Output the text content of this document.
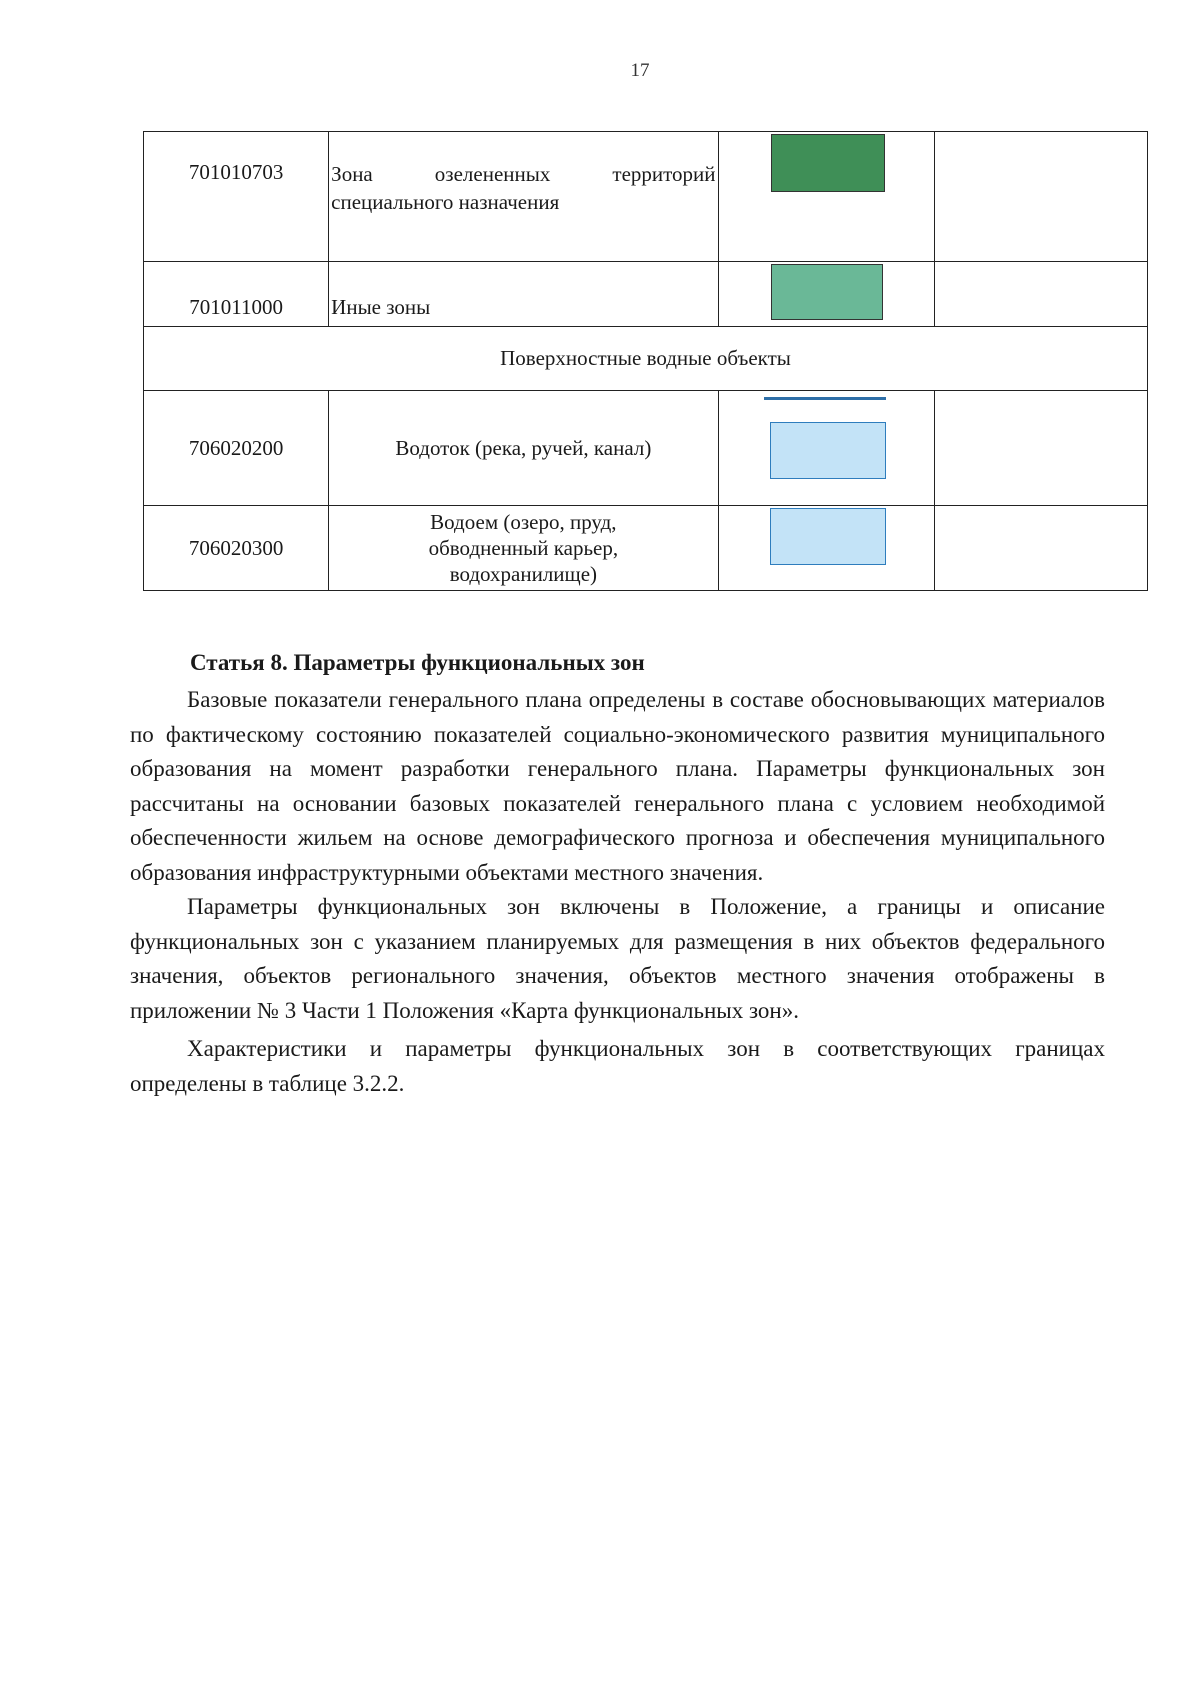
17
701010703	Зона озелененных территорий специального назначения		

701011000	Иные зоны		

Поверхностные водные объекты			
706020200	Водоток (река, ручей, канал)		

706020300	Водоем (озеро, пруд, обводненный карьер, водохранилище)		

Статья 8. Параметры функциональных зон

Базовые показатели генерального плана определены в составе обосновывающих материалов по фактическому состоянию показателей социально-экономического развития муниципального образования на момент разработки генерального плана. Параметры функциональных зон рассчитаны на основании базовых показателей генерального плана с условием необходимой обеспеченности жильем на основе демографического прогноза и обеспечения муниципального образования инфраструктурными объектами местного значения.

Параметры функциональных зон включены в Положение, а границы и описание функциональных зон с указанием планируемых для размещения в них объектов федерального значения, объектов регионального значения, объектов местного значения отображены в приложении № 3 Части 1 Положения «Карта функциональных зон».

Характеристики и параметры функциональных зон в соответствующих границах определены в таблице 3.2.2.
